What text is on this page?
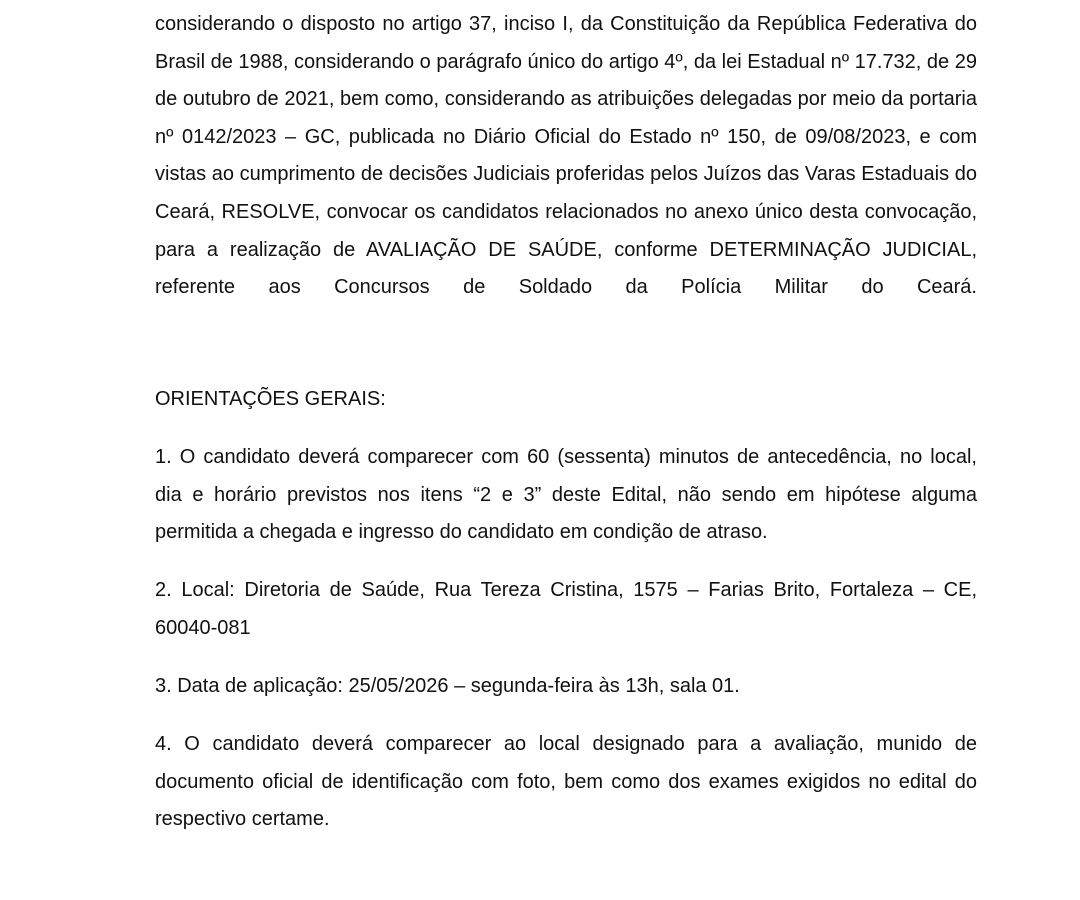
considerando o disposto no artigo 37, inciso I, da Constituição da República Federativa do Brasil de 1988, considerando o parágrafo único do artigo 4º, da lei Estadual nº 17.732, de 29 de outubro de 2021, bem como, considerando as atribuições delegadas por meio da portaria nº 0142/2023 – GC, publicada no Diário Oficial do Estado nº 150, de 09/08/2023, e com vistas ao cumprimento de decisões Judiciais proferidas pelos Juízos das Varas Estaduais do Ceará, RESOLVE, convocar os candidatos relacionados no anexo único desta convocação, para a realização de AVALIAÇÃO DE SAÚDE, conforme DETERMINAÇÃO JUDICIAL, referente aos Concursos de Soldado da Polícia Militar do Ceará.

ORIENTAÇÕES GERAIS:

1. O candidato deverá comparecer com 60 (sessenta) minutos de antecedência, no local, dia e horário previstos nos itens “2 e 3” deste Edital, não sendo em hipótese alguma permitida a chegada e ingresso do candidato em condição de atraso.

2. Local: Diretoria de Saúde, Rua Tereza Cristina, 1575 – Farias Brito, Fortaleza – CE, 60040-081

3. Data de aplicação: 25/05/2026 – segunda-feira às 13h, sala 01.

4. O candidato deverá comparecer ao local designado para a avaliação, munido de documento oficial de identificação com foto, bem como dos exames exigidos no edital do respectivo certame.
